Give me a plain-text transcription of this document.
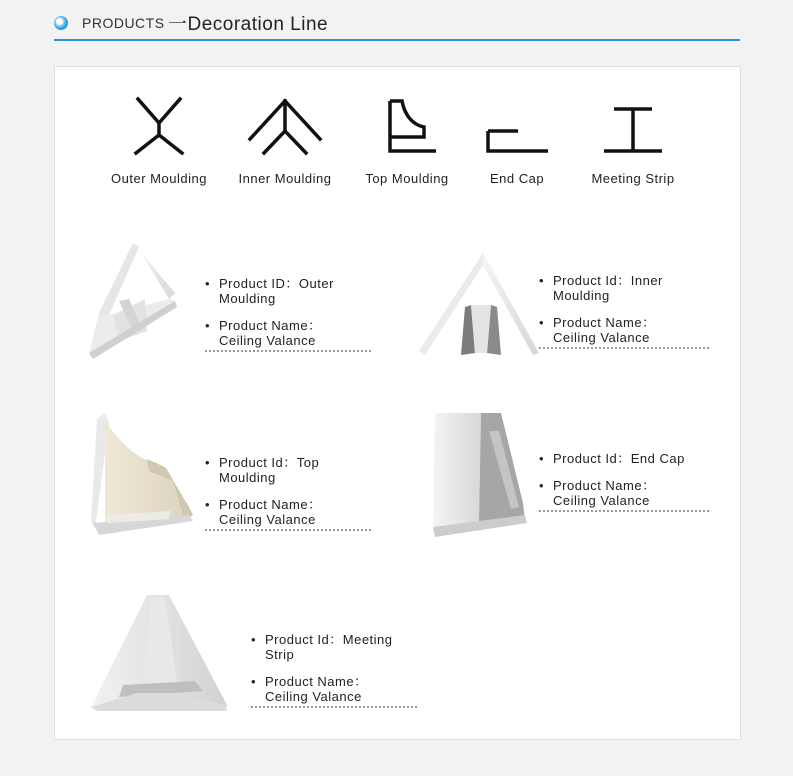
PRODUCTS 一Decoration Line
Outer Moulding	Inner Moulding	Top Moulding	End Cap	Meeting Strip
• Product ID：Outer Moulding
• Product Name：
Ceiling Valance
• Product Id：Inner Moulding
• Product Name：
Ceiling Valance
• Product Id：Top Moulding
• Product Name：
Ceiling Valance
• Product Id：End Cap
• Product Name：
Ceiling Valance
• Product Id：Meeting Strip
• Product Name：
Ceiling Valance
